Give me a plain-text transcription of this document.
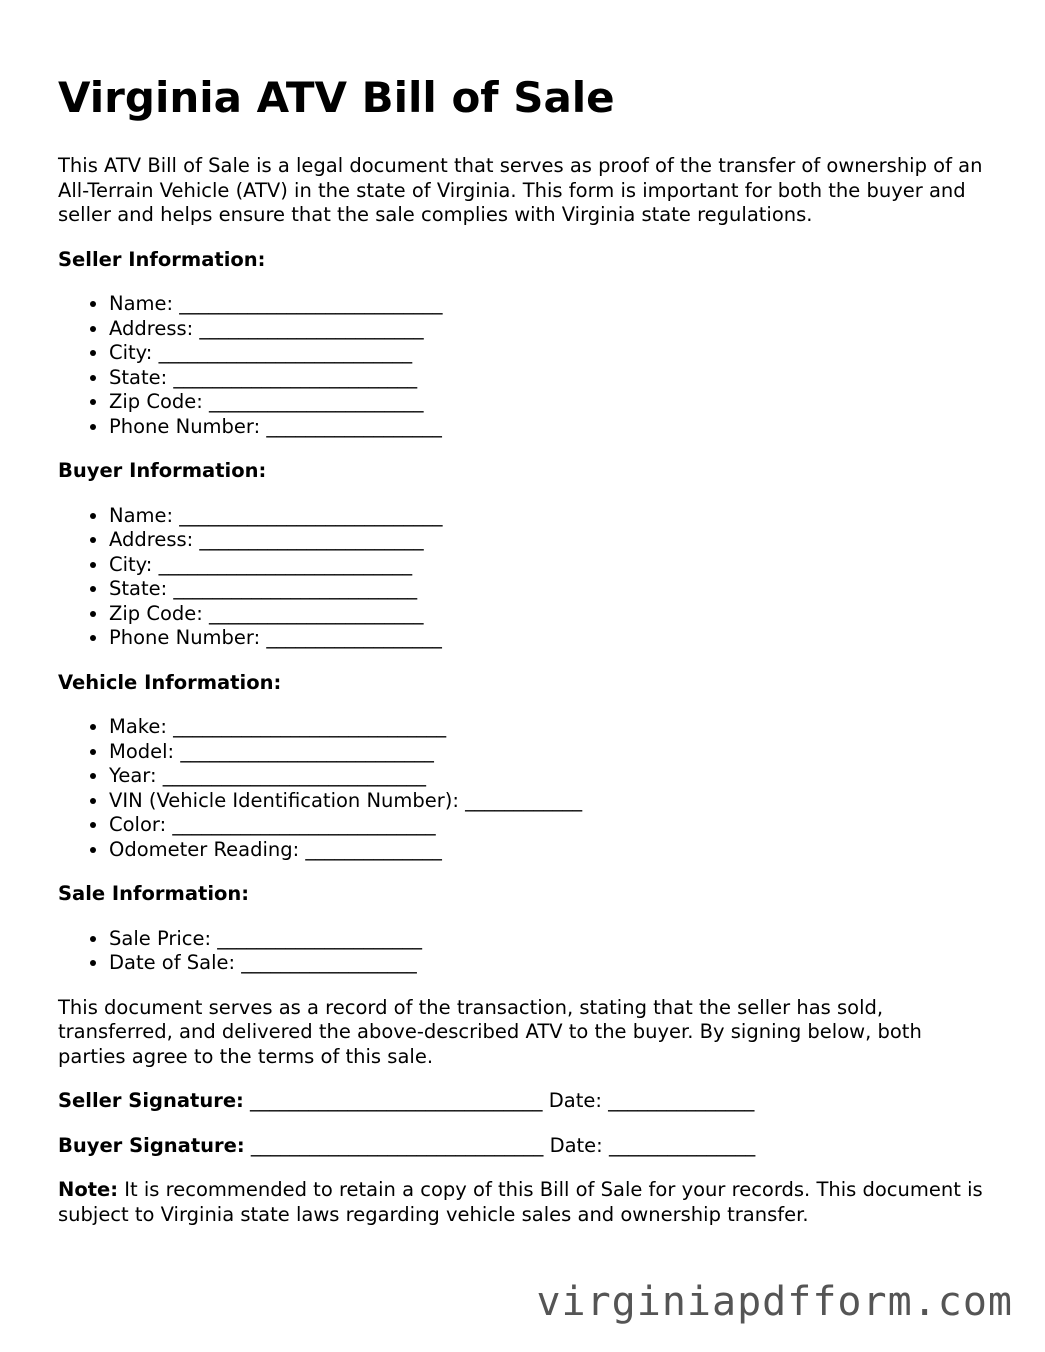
Virginia ATV Bill of Sale

This ATV Bill of Sale is a legal document that serves as proof of the transfer of ownership of an All-Terrain Vehicle (ATV) in the state of Virginia. This form is important for both the buyer and seller and helps ensure that the sale complies with Virginia state regulations.

Seller Information:
• Name: ___________________________
• Address: _______________________
• City: __________________________
• State: _________________________
• Zip Code: ______________________
• Phone Number: __________________
Buyer Information:
• Name: ___________________________
• Address: _______________________
• City: __________________________
• State: _________________________
• Zip Code: ______________________
• Phone Number: __________________
Vehicle Information:
• Make: ____________________________
• Model: __________________________
• Year: ___________________________
• VIN (Vehicle Identification Number): ____________
• Color: ___________________________
• Odometer Reading: ______________
Sale Information:
• Sale Price: _____________________
• Date of Sale: __________________

This document serves as a record of the transaction, stating that the seller has sold, transferred, and delivered the above-described ATV to the buyer. By signing below, both parties agree to the terms of this sale.

Seller Signature: ______________________________ Date: _______________
Buyer Signature: ______________________________ Date: _______________

Note: It is recommended to retain a copy of this Bill of Sale for your records. This document is subject to Virginia state laws regarding vehicle sales and ownership transfer.

virginiapdfform.com
